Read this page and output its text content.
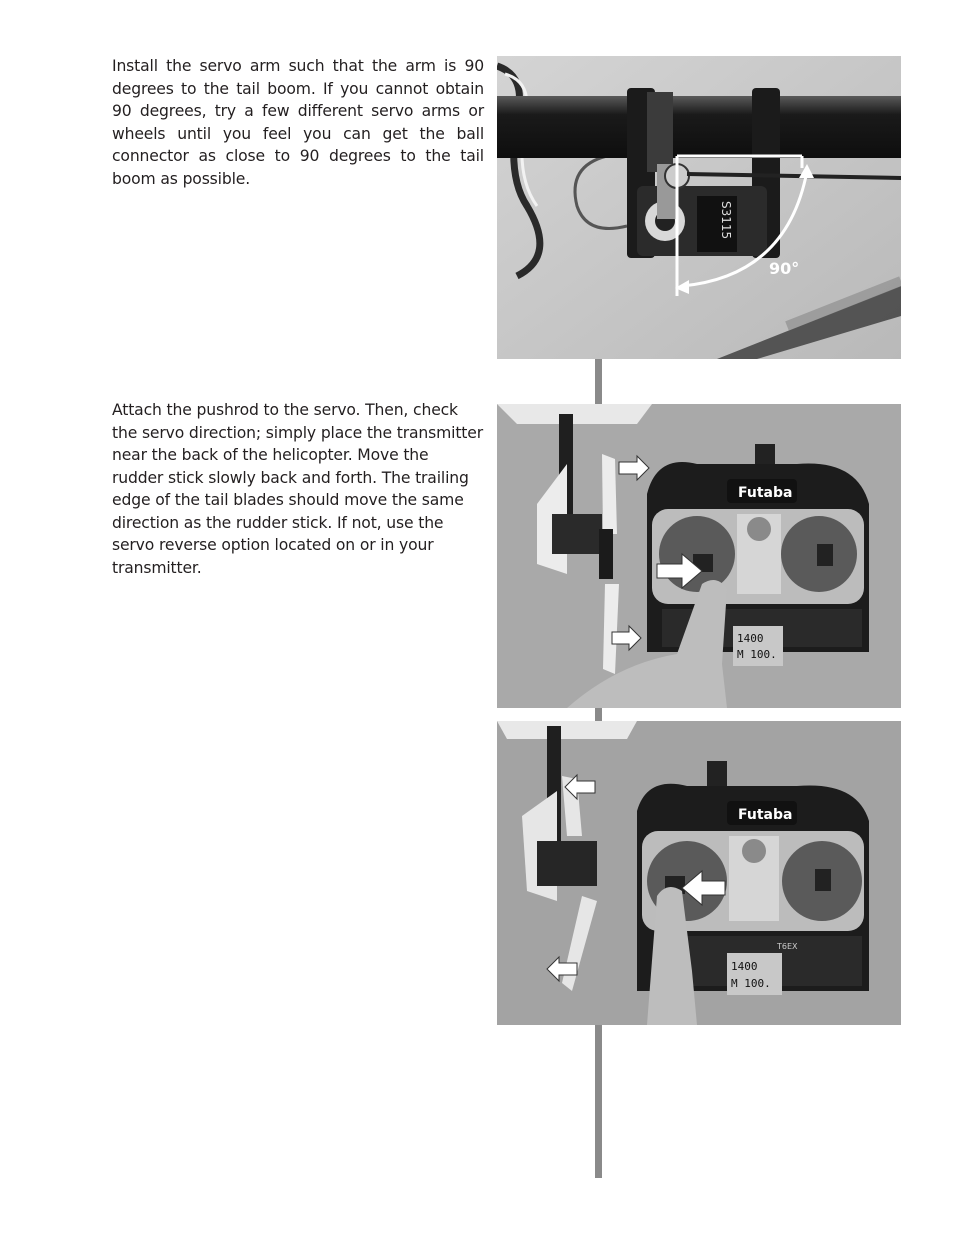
Install the servo arm such that the arm is 90 degrees to the tail boom. If you cannot obtain 90 degrees, try a few different servo arms or wheels until you feel you can get the ball connector as close to 90 degrees to the tail boom as possible.

Attach the pushrod to the servo. Then, check the servo direction; simply place the transmitter near the back of the helicopter. Move the rudder stick slowly back and forth. The trailing edge of the tail blades should move the same direction as the rudder stick. If not, use the servo reverse option located on or in your transmitter.

S3115
90°
Futaba
1400
M 100.
Futaba
1400
M 100.
T6EX
